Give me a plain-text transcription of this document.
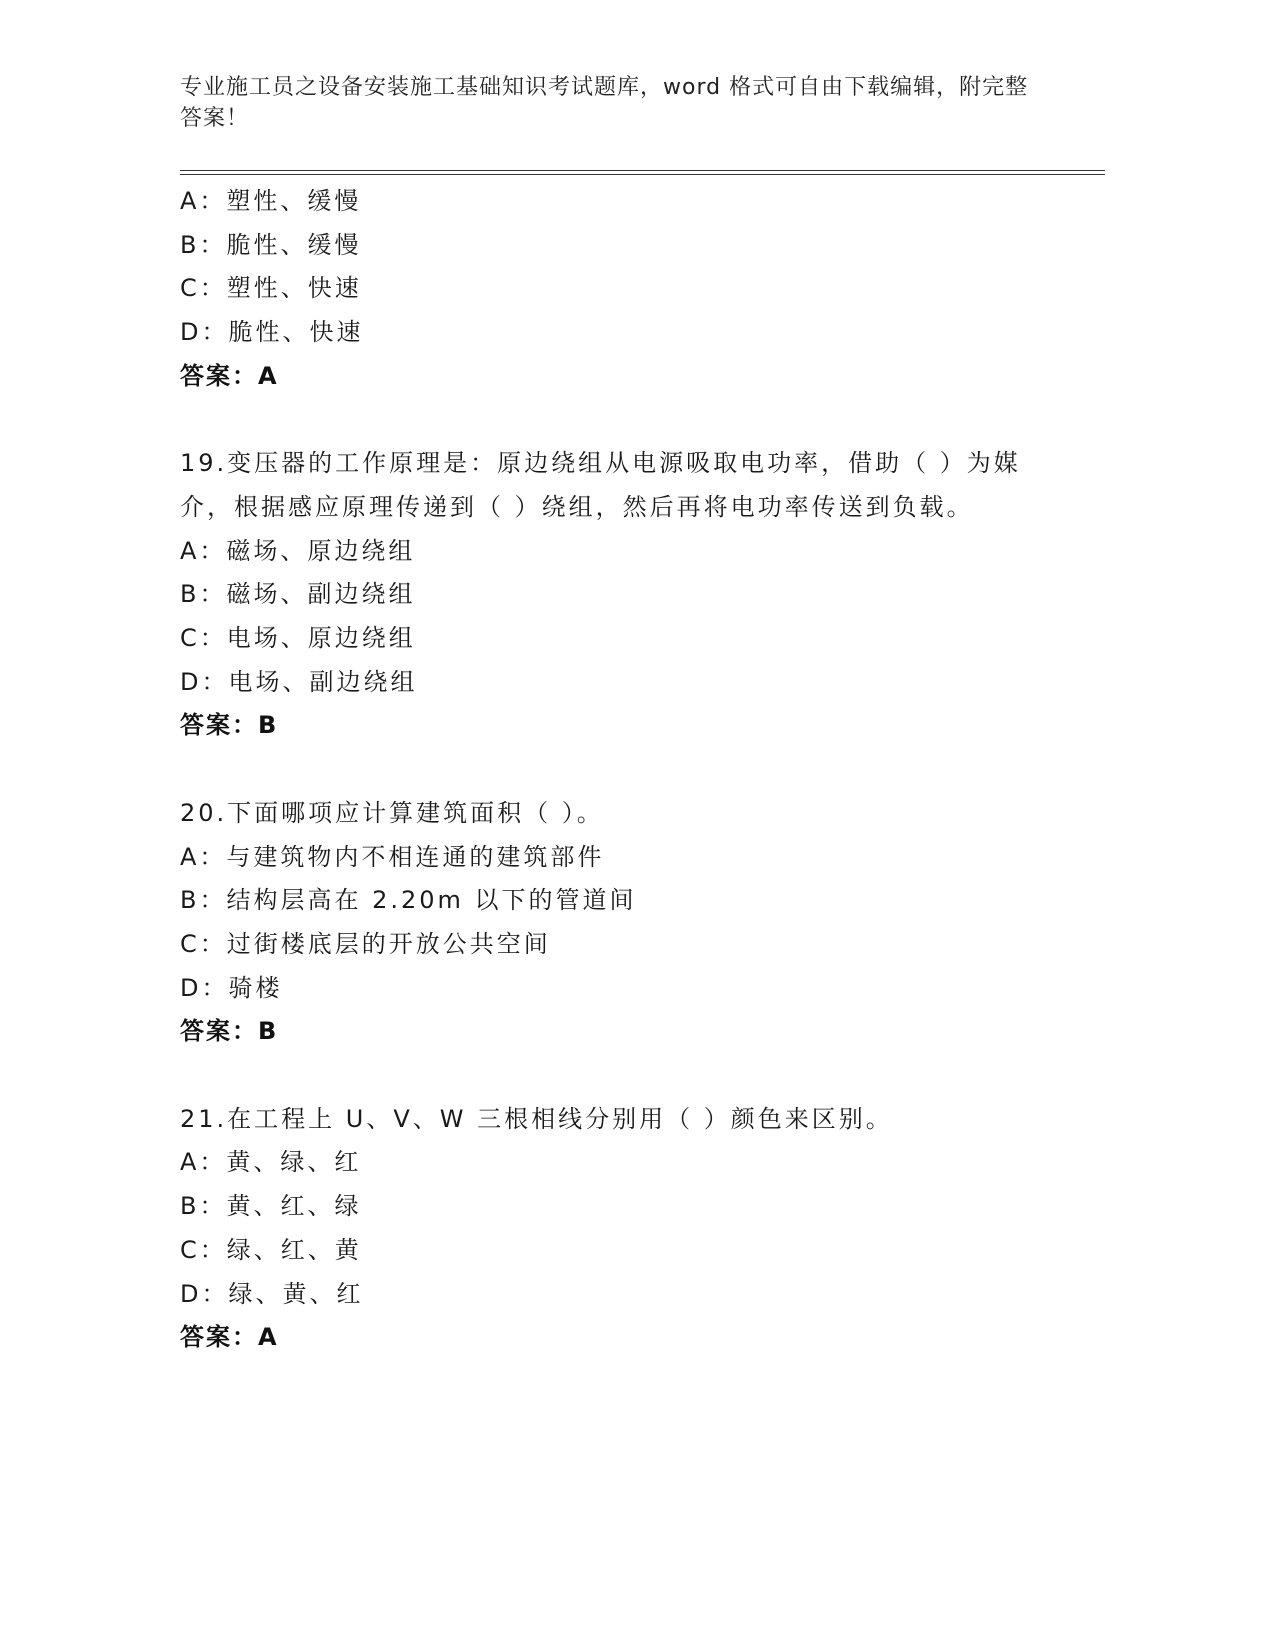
专业施工员之设备安装施工基础知识考试题库，word 格式可自由下载编辑，附完整答案！
A：塑性、缓慢
B：脆性、缓慢
C：塑性、快速
D：脆性、快速
答案：A
19.变压器的工作原理是：原边绕组从电源吸取电功率，借助（ ）为媒介，根据感应原理传递到（ ）绕组，然后再将电功率传送到负载。
A：磁场、原边绕组
B：磁场、副边绕组
C：电场、原边绕组
D：电场、副边绕组
答案：B
20.下面哪项应计算建筑面积（ ）。
A：与建筑物内不相连通的建筑部件
B：结构层高在 2.20m 以下的管道间
C：过街楼底层的开放公共空间
D：骑楼
答案：B
21.在工程上 U、V、W 三根相线分别用（ ）颜色来区别。
A：黄、绿、红
B：黄、红、绿
C：绿、红、黄
D：绿、黄、红
答案：A
